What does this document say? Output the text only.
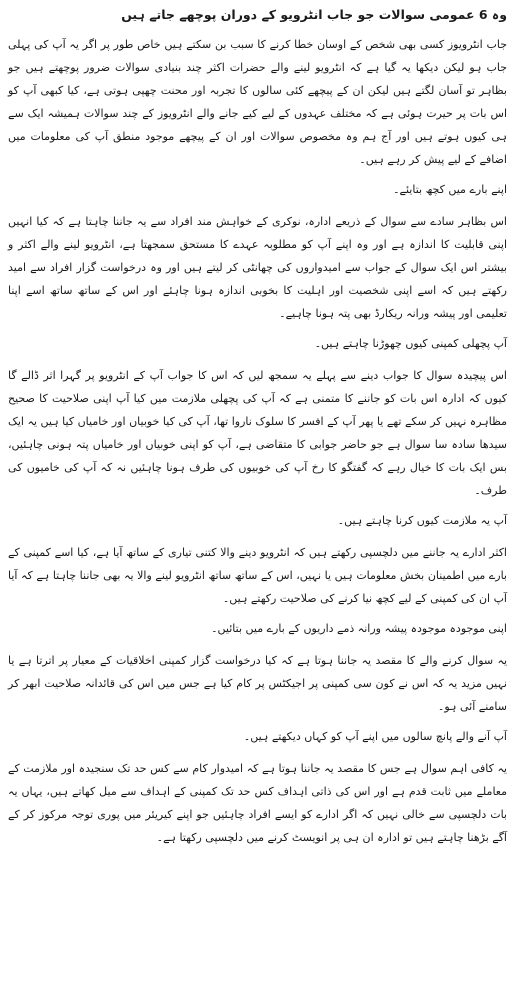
وہ 6 عمومی سوالات جو جاب انٹرویو کے دوران پوچھے جاتے ہیں

جاب انٹرویوز کسی بھی شخص کے اوسان خطا کرنے کا سبب بن سکتے ہیں خاص طور پر اگر یہ آپ کی پہلی جاب ہو لیکن دیکھا یہ گیا ہے کہ انٹرویو لینے والے حضرات اکثر چند بنیادی سوالات ضرور پوچھتے ہیں جو بظاہر تو آسان لگتے ہیں لیکن ان کے پیچھے کئی سالوں کا تجربہ اور محنت چھپی ہوتی ہے، کیا کبھی آپ کو اس بات پر حیرت ہوئی ہے کہ مختلف عہدوں کے لیے کیے جانے والے انٹرویوز کے چند سوالات ہمیشہ ایک سے ہی کیوں ہوتے ہیں اور آج ہم وہ مخصوص سوالات اور ان کے پیچھے موجود منطق آپ کی معلومات میں اضافے کے لیے پیش کر رہے ہیں۔

اپنے بارے میں کچھ بتایئے۔

اس بظاہر سادے سے سوال کے ذریعے ادارہ، نوکری کے خواہش مند افراد سے یہ جاننا چاہتا ہے کہ کیا انہیں اپنی قابلیت کا اندازہ ہے اور وہ اپنے آپ کو مطلوبہ عہدے کا مستحق سمجھتا ہے، انٹرویو لینے والے اکثر و بیشتر اس ایک سوال کے جواب سے امیدواروں کی چھانٹی کر لیتے ہیں اور وہ درخواست گزار افراد سے امید رکھتے ہیں کہ اسے اپنی شخصیت اور اہلیت کا بخوبی اندازہ ہونا چاہئے اور اس کے ساتھ ساتھ اسے اپنا تعلیمی اور پیشہ ورانہ ریکارڈ بھی پتہ ہونا چاہیے۔

آپ پچھلی کمپنی کیوں چھوڑنا چاہتے ہیں۔

اس پیچیدہ سوال کا جواب دینے سے پہلے یہ سمجھ لیں کہ اس کا جواب آپ کے انٹرویو پر گہرا اثر ڈالے گا کیوں کہ ادارہ اس بات کو جاننے کا متمنی ہے کہ آپ کی پچھلی ملازمت میں کیا آپ اپنی صلاحیت کا صحیح مظاہرہ نہیں کر سکے تھے یا پھر آپ کے افسر کا سلوک ناروا تھا، آپ کی کیا خوبیاں اور خامیاں کیا ہیں یہ ایک سیدھا سادہ سا سوال ہے جو حاضر جوابی کا متقاضی ہے، آپ کو اپنی خوبیاں اور خامیاں پتہ ہونی چاہئیں، بس ایک بات کا خیال رہے کہ گفتگو کا رخ آپ کی خوبیوں کی طرف ہونا چاہئیں نہ کہ آپ کی خامیوں کی طرف۔

آپ یہ ملازمت کیوں کرنا چاہتے ہیں۔

اکثر ادارے یہ جاننے میں دلچسپی رکھتے ہیں کہ انٹرویو دینے والا کتنی تیاری کے ساتھ آیا ہے، کیا اسے کمپنی کے بارے میں اطمینان بخش معلومات ہیں یا نہیں، اس کے ساتھ ساتھ انٹرویو لینے والا یہ بھی جاننا چاہتا ہے کہ آیا آپ ان کی کمپنی کے لیے کچھ نیا کرنے کی صلاحیت رکھتے ہیں۔

اپنی موجودہ موجودہ پیشہ ورانہ ذمے داریوں کے بارے میں بتائیں۔

یہ سوال کرنے والے کا مقصد یہ جاننا ہوتا ہے کہ کیا درخواست گزار کمپنی اخلاقیات کے معیار پر اترتا ہے یا نہیں مزید یہ کہ اس نے کون سی کمپنی پر اجیکٹس پر کام کیا ہے جس میں اس کی قائدانہ صلاحیت ابھر کر سامنے آئی ہو۔

آپ آنے والے پانچ سالوں میں اپنے آپ کو کہاں دیکھتے ہیں۔

یہ کافی اہم سوال ہے جس کا مقصد یہ جاننا ہوتا ہے کہ امیدوار کام سے کس حد تک سنجیدہ اور ملازمت کے معاملے میں ثابت قدم ہے اور اس کی ذاتی اہداف کس حد تک کمپنی کے اہداف سے میل کھاتے ہیں، یہاں یہ بات دلچسپی سے خالی نہیں کہ اگر ادارے کو ایسے افراد چاہئیں جو اپنے کیریئر میں پوری توجہ مرکوز کر کے آگے بڑھنا چاہتے ہیں تو ادارہ ان ہی پر انویسٹ کرنے میں دلچسپی رکھتا ہے۔
